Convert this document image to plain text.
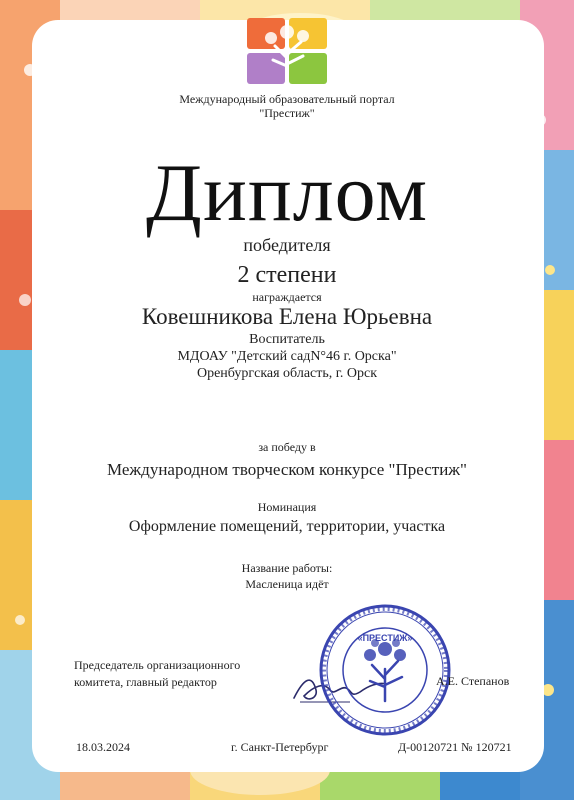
Международный образовательный портал
"Престиж"
Диплом
победителя
2 степени
награждается
Ковешникова Елена Юрьевна
Воспитатель
МДОАУ "Детский садN°46 г. Орска"
Оренбургская область, г. Орск
за победу в
Международном творческом конкурсе "Престиж"
Номинация
Оформление помещений, территории, участка
Название работы:
Масленица идёт
Председатель организационного
комитета, главный редактор
«ПРЕСТИЖ»
А.Е. Степанов
18.03.2024	г. Санкт-Петербург	Д-00120721 № 120721
